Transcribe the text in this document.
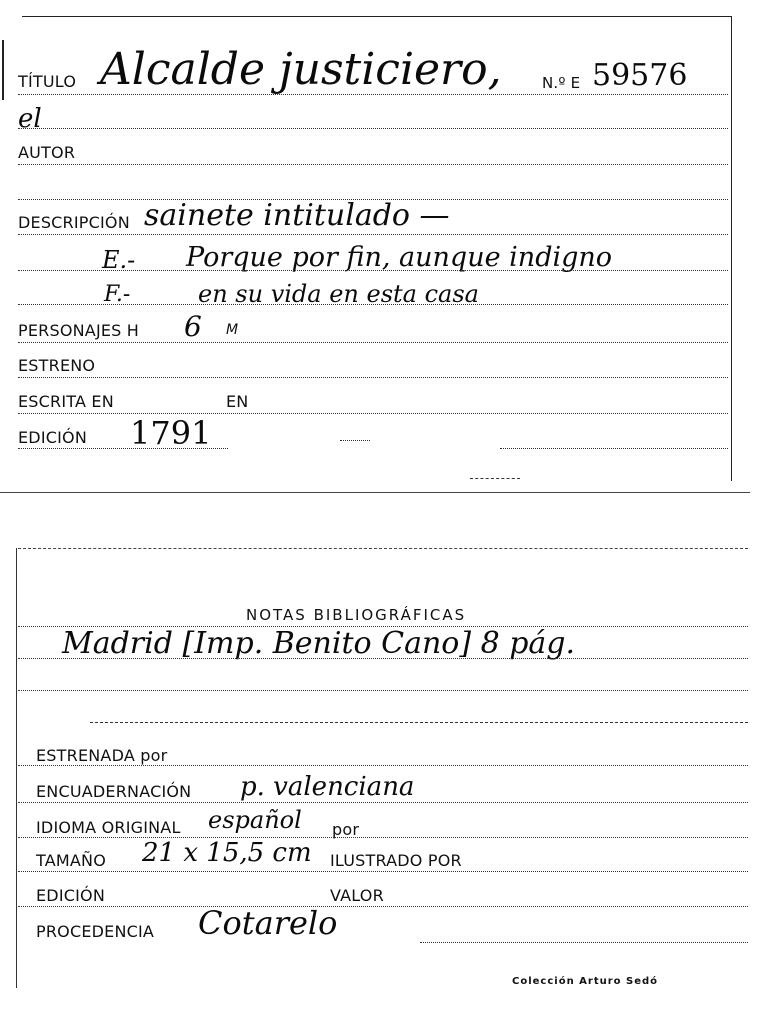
TÍTULO Alcalde justiciero,	N.º E 59576
el
AUTOR
DESCRIPCIÓN sainete intitulado —
E.- Porque por fin, aunque indigno
F.-	en su vida en esta casa
PERSONAJES H 6 M
ESTRENO
ESCRITA EN	EN
EDICIÓN 1791
NOTAS BIBLIOGRÁFICAS
Madrid [Imp. Benito Cano] 8 pág.
ESTRENADA por
ENCUADERNACIÓN p. valenciana
IDIOMA ORIGINAL español por
TAMAÑO 21 x 15,5 cm ILUSTRADO POR
EDICIÓN	VALOR
PROCEDENCIA Cotarelo
Colección Arturo Sedó
